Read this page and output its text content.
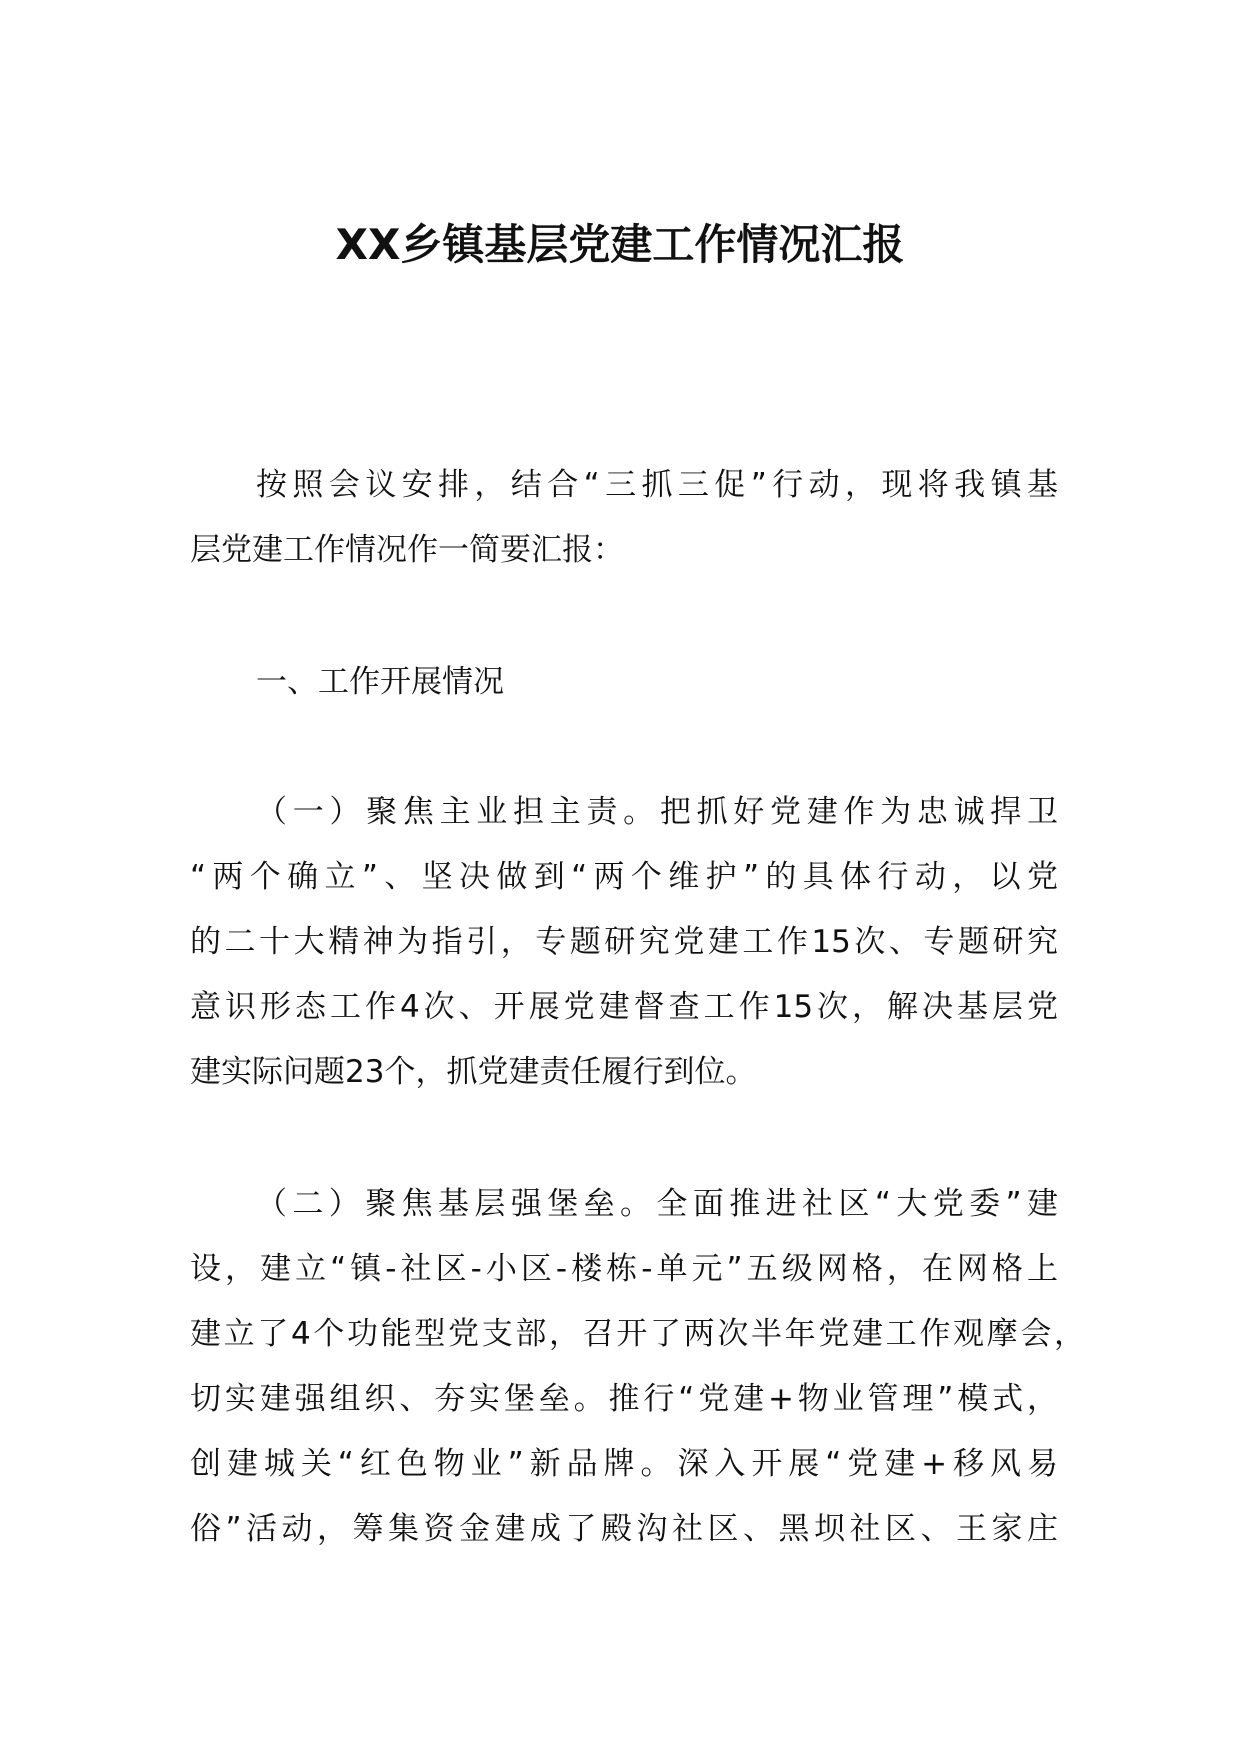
XX乡镇基层党建工作情况汇报
按照会议安排，结合“三抓三促”行动，现将我镇基
层党建工作情况作一简要汇报：
一、工作开展情况
（一）聚焦主业担主责。把抓好党建作为忠诚捍卫
“两个确立”、坚决做到“两个维护”的具体行动，以党
的二十大精神为指引，专题研究党建工作15次、专题研究
意识形态工作4次、开展党建督查工作15次，解决基层党
建实际问题23个，抓党建责任履行到位。
（二）聚焦基层强堡垒。全面推进社区“大党委”建
设，建立“镇-社区-小区-楼栋-单元”五级网格，在网格上
建立了4个功能型党支部，召开了两次半年党建工作观摩会，
切实建强组织、夯实堡垒。推行“党建+物业管理”模式，
创建城关“红色物业”新品牌。深入开展“党建+移风易
俗”活动，筹集资金建成了殿沟社区、黑坝社区、王家庄
